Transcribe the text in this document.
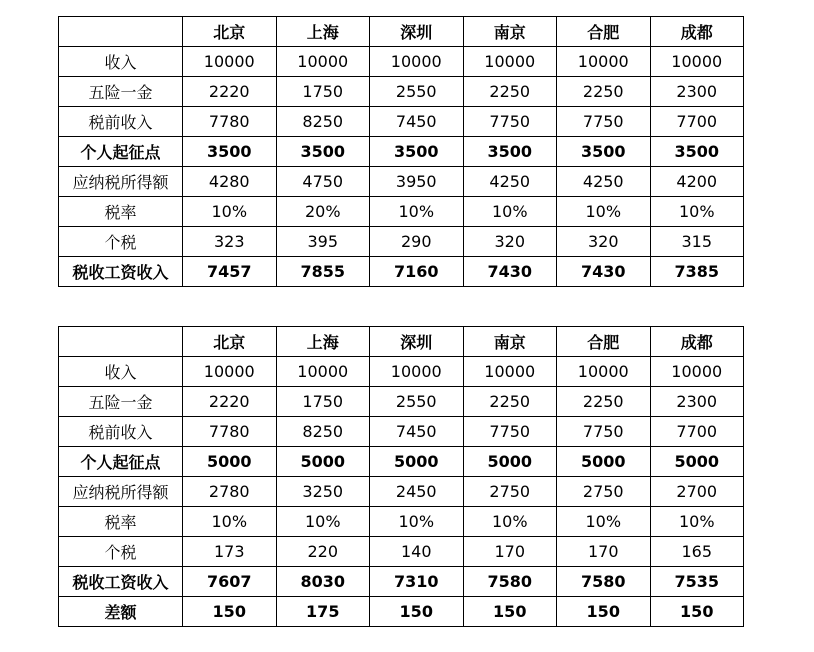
	北京	上海	深圳	南京	合肥	成都
收入	10000	10000	10000	10000	10000	10000
五险一金	2220	1750	2550	2250	2250	2300
税前收入	7780	8250	7450	7750	7750	7700
个人起征点	3500	3500	3500	3500	3500	3500
应纳税所得额	4280	4750	3950	4250	4250	4200
税率	10%	20%	10%	10%	10%	10%
个税	323	395	290	320	320	315
税收工资收入	7457	7855	7160	7430	7430	7385
	北京	上海	深圳	南京	合肥	成都
收入	10000	10000	10000	10000	10000	10000
五险一金	2220	1750	2550	2250	2250	2300
税前收入	7780	8250	7450	7750	7750	7700
个人起征点	5000	5000	5000	5000	5000	5000
应纳税所得额	2780	3250	2450	2750	2750	2700
税率	10%	10%	10%	10%	10%	10%
个税	173	220	140	170	170	165
税收工资收入	7607	8030	7310	7580	7580	7535
差额	150	175	150	150	150	150
